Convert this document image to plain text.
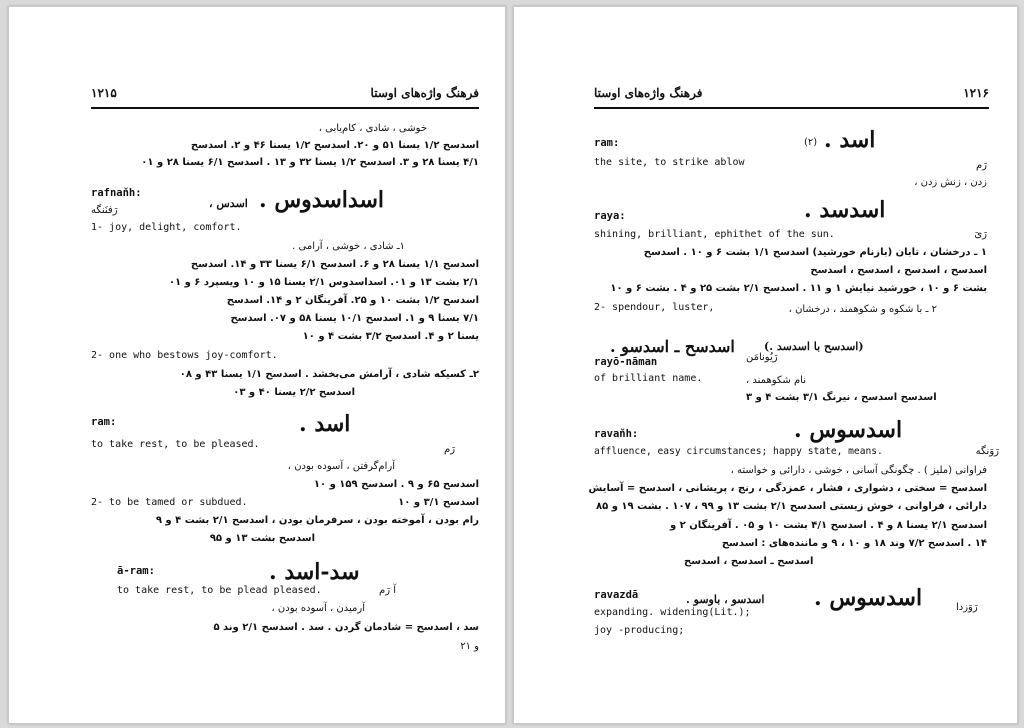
۱۲۱۵	فرهنگ واژه‌های اوستا
خوشی ، شادی ، کام‌یابی ،
اسدسح ۱/۲ یسنا ۵۱ و ۲۰. اسدسح ۱/۲ یسنا ۴۶ و ۲. اسدسح
۴/۱ یسنا ۲۸ و ۳. اسدسح ۱/۲ یسنا ۳۲ و ۱۳ . اسدسح ۶/۱ یسنا ۲۸ و ۰۱
rafnaňh:	اسداسدوس .
اسدس ،
رَفنَنگه
1- joy, delight, comfort.
۱ـ شادی ، خوشی ، آرامی .
اسدسح ۱/۱ یسنا ۲۸ و ۶. اسدسح ۶/۱ یسنا ۳۳ و ۱۴. اسدسح
۲/۱ بشت ۱۳ و ۰۱. اسداسدوس ۲/۱ یسنا ۱۵ و ۱۰ ویسپرد ۶ و ۰۱
اسدسح ۱/۲ بشت ۱۰ و ۲۵. آفرینگان ۲ و ۱۴. اسدسح
۷/۱ یسنا ۹ و ۱. اسدسح ۱۰/۱ یسنا ۵۸ و ۰۷. اسدسح
یسنا ۲ و ۴. اسدسح ۳/۲ بشت ۴ و ۱۰
2- one who bestows joy-comfort.
۲ـ کسیکه شادی ، آرامش می‌بخشد . اسدسح ۱/۱ یسنا ۴۳ و ۰۸
اسدسح ۲/۲ یسنا ۴۰ و ۰۳
ram:	اسد .
to take rest, to be pleased.	رَم
آرام‌گرفتن ، آسوده بودن ،
اسدسح ۶۵ و ۹ . اسدسح ۱۵۹ و ۱۰
2- to be tamed or subdued.	اسدسح ۳/۱ و ۱۰
رام بودن ، آموخته بودن ، سرفرمان بودن ، اسدسح ۲/۱ بشت ۴ و ۹
اسدسح بشت ۱۳ و ۹۵
ā-ram:	سد-اسد .
to take rest, to be plead pleased.	آ رَم
آرمیدن ، آسوده بودن ،
سد ، اسدسح = شادمان گردن . سد . اسدسح ۲/۱ وند ۵
و ۲۱
فرهنگ واژه‌های اوستا	۱۲۱۶
ram:	اسد .
(۲)
the site, to strike ablow	رَم
زدن ، زنش زدن ،
raya:	اسدسد .
shining, brilliant, ephithet of the sun.	رَیَ
۱ ـ درخشان ، تابان (بازنام خورشید) اسدسح ۱/۱ بشت ۶ و ۱۰ . اسدسح
اسدسح ، اسدسح ، اسدسح ، اسدسح
بشت ۶ و ۱۰ ، خورشید نیایش ۱ و ۱۱ . اسدسح ۲/۱ بشت ۲۵ و ۴ . بشت ۶ و ۱۰
2- spendour, luster,	۲ ـ با شکوه و شکوهمند ، درخشان ،
اسدسح ـ اسدسو .	(اسدسح با اسدسد .)
rayō-nāman	رَیُونامَن
of brilliant name.	نام شکوهمند ،
اسدسح اسدسح ، نیرنگ ۳/۱ بشت ۴ و ۳
ravaňh:	اسدسوس .
affluence, easy circumstances; happy state, means.	رَوَنگه
فراوانی (ملیز ) . چگونگی آسانی ، خوشی ، دارائی و خواسته ،
اسدسح = سختی ، دشواری ، فشار ، عمزدگی ، رنج ، پریشانی ، اسدسح = آسایش
دارائی ، فراوانی ، خوش زیستی اسدسح ۲/۱ بشت ۱۳ و ۹۹ ، ۱۰۷ . بشت ۱۹ و ۸۵
اسدسح ۲/۱ یسنا ۸ و ۴ . اسدسح ۴/۱ بشت ۱۰ و ۰۵ . آفرینگان ۲ و
۱۴ . اسدسح ۷/۲ وند ۱۸ و ۱۰ ، ۹ و ماننده‌های : اسدسح
اسدسح ـ اسدسح ، اسدسح
ravazdā	اسدسوس .
اسدسو ، باوسو .
رَوَزدا
expanding. widening(Lit.);
joy -producing;
